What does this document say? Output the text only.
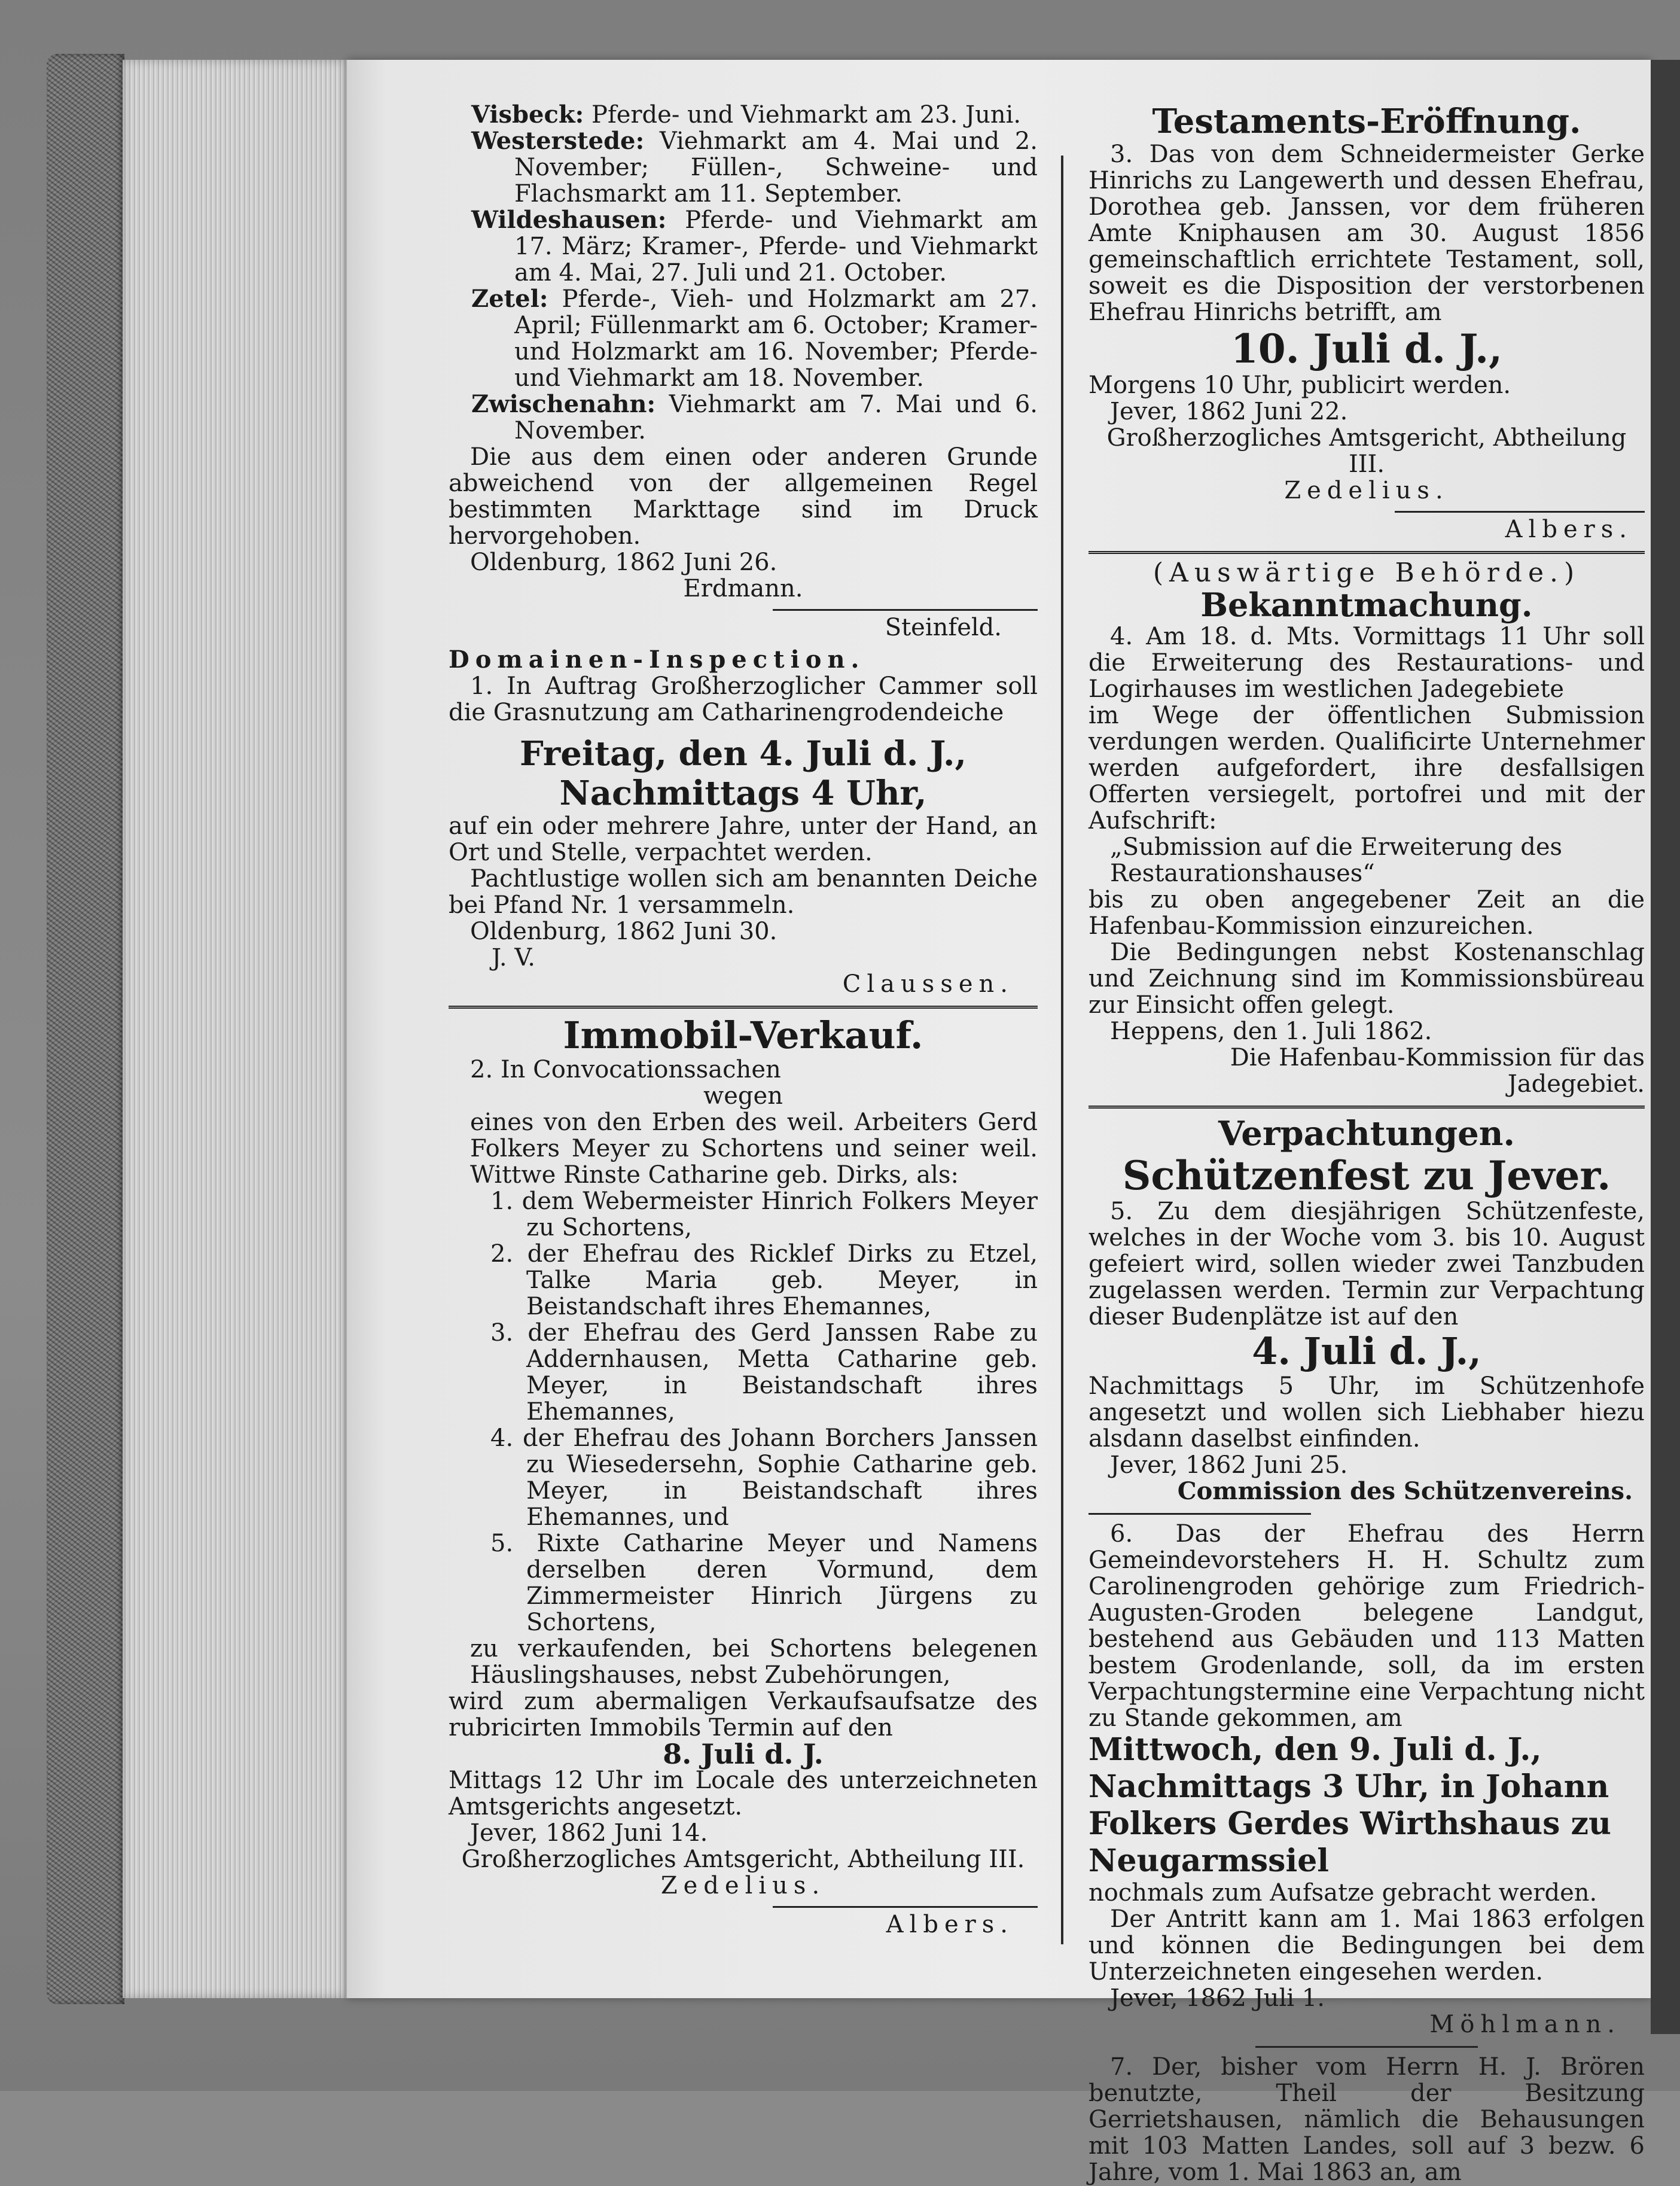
Visbeck: Pferde- und Viehmarkt am 23. Juni.

Westerstede: Viehmarkt am 4. Mai und 2. November; Füllen-, Schweine- und Flachsmarkt am 11. September.

Wildeshausen: Pferde- und Viehmarkt am 17. März; Kramer-, Pferde- und Viehmarkt am 4. Mai, 27. Juli und 21. October.

Zetel: Pferde-, Vieh- und Holzmarkt am 27. April; Füllenmarkt am 6. October; Kramer- und Holzmarkt am 16. November; Pferde- und Viehmarkt am 18. November.

Zwischenahn: Viehmarkt am 7. Mai und 6. November.

Die aus dem einen oder anderen Grunde abweichend von der allgemeinen Regel bestimmten Markttage sind im Druck hervorgehoben.

Oldenburg, 1862 Juni 26.

Erdmann.

Steinfeld.

Domainen-Inspection.

1. In Auftrag Großherzoglicher Cammer soll die Grasnutzung am Catharinengrodendeiche

Freitag, den 4. Juli d. J.,

Nachmittags 4 Uhr,

auf ein oder mehrere Jahre, unter der Hand, an Ort und Stelle, verpachtet werden.

Pachtlustige wollen sich am benannten Deiche bei Pfand Nr. 1 versammeln.

Oldenburg, 1862 Juni 30.

J. V.

Claussen.

Immobil-Verkauf.

2. In Convocationssachen

wegen

eines von den Erben des weil. Arbeiters Gerd Folkers Meyer zu Schortens und seiner weil. Wittwe Rinste Catharine geb. Dirks, als:

1. dem Webermeister Hinrich Folkers Meyer zu Schortens,
2. der Ehefrau des Ricklef Dirks zu Etzel, Talke Maria geb. Meyer, in Beistandschaft ihres Ehemannes,
3. der Ehefrau des Gerd Janssen Rabe zu Addernhausen, Metta Catharine geb. Meyer, in Beistandschaft ihres Ehemannes,
4. der Ehefrau des Johann Borchers Janssen zu Wiesedersehn, Sophie Catharine geb. Meyer, in Beistandschaft ihres Ehemannes, und
5. Rixte Catharine Meyer und Namens derselben deren Vormund, dem Zimmermeister Hinrich Jürgens zu Schortens,

zu verkaufenden, bei Schortens belegenen Häuslingshauses, nebst Zubehörungen,

wird zum abermaligen Verkaufsaufsatze des rubricirten Immobils Termin auf den

8. Juli d. J.

Mittags 12 Uhr im Locale des unterzeichneten Amtsgerichts angesetzt.

Jever, 1862 Juni 14.

Großherzogliches Amtsgericht, Abtheilung III.

Zedelius.

Albers.

Testaments-Eröffnung.

3. Das von dem Schneidermeister Gerke Hinrichs zu Langewerth und dessen Ehefrau, Dorothea geb. Janssen, vor dem früheren Amte Kniphausen am 30. August 1856 gemeinschaftlich errichtete Testament, soll, soweit es die Disposition der verstorbenen Ehefrau Hinrichs betrifft, am

10. Juli d. J.,

Morgens 10 Uhr, publicirt werden.

Jever, 1862 Juni 22.

Großherzogliches Amtsgericht, Abtheilung III.

Zedelius.

Albers.

(Auswärtige Behörde.)

Bekanntmachung.

4. Am 18. d. Mts. Vormittags 11 Uhr soll die Erweiterung des Restaurations- und Logirhauses im westlichen Jadegebiete

im Wege der öffentlichen Submission verdungen werden. Qualificirte Unternehmer werden aufgefordert, ihre desfallsigen Offerten versiegelt, portofrei und mit der Aufschrift:

„Submission auf die Erweiterung des Restaurationshauses“

bis zu oben angegebener Zeit an die Hafenbau-Kommission einzureichen.

Die Bedingungen nebst Kostenanschlag und Zeichnung sind im Kommissionsbüreau zur Einsicht offen gelegt.

Heppens, den 1. Juli 1862.

Die Hafenbau-Kommission für das Jadegebiet.

Verpachtungen.

Schützenfest zu Jever.

5. Zu dem diesjährigen Schützenfeste, welches in der Woche vom 3. bis 10. August gefeiert wird, sollen wieder zwei Tanzbuden zugelassen werden. Termin zur Verpachtung dieser Budenplätze ist auf den

4. Juli d. J.,

Nachmittags 5 Uhr, im Schützenhofe angesetzt und wollen sich Liebhaber hiezu alsdann daselbst einfinden.

Jever, 1862 Juni 25.

Commission des Schützenvereins.

6. Das der Ehefrau des Herrn Gemeindevorstehers H. H. Schultz zum Carolinengroden gehörige zum Friedrich-Augusten-Groden belegene Landgut, bestehend aus Gebäuden und 113 Matten bestem Grodenlande, soll, da im ersten Verpachtungstermine eine Verpachtung nicht zu Stande gekommen, am

Mittwoch, den 9. Juli d. J., Nachmittags 3 Uhr, in Johann Folkers Gerdes Wirthshaus zu Neugarmssiel

nochmals zum Aufsatze gebracht werden.

Der Antritt kann am 1. Mai 1863 erfolgen und können die Bedingungen bei dem Unterzeichneten eingesehen werden.

Jever, 1862 Juli 1.

Möhlmann.

7. Der, bisher vom Herrn H. J. Brören benutzte, Theil der Besitzung Gerrietshausen, nämlich die Behausungen mit 103 Matten Landes, soll auf 3 bezw. 6 Jahre, vom 1. Mai 1863 an, am
